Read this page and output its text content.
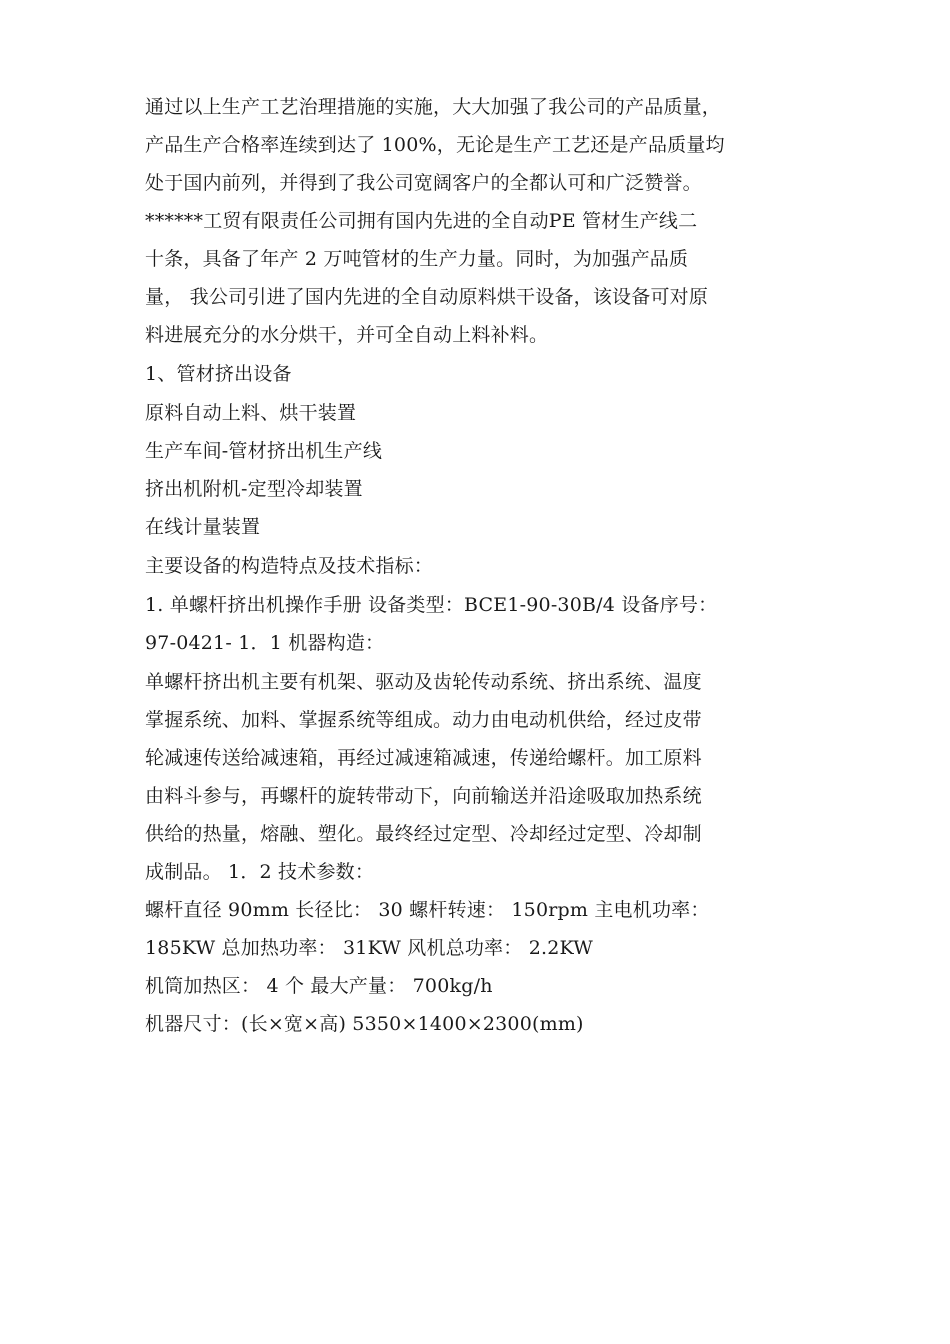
通过以上生产工艺治理措施的实施，大大加强了我公司的产品质量，
产品生产合格率连续到达了 100%，无论是生产工艺还是产品质量均
处于国内前列，并得到了我公司宽阔客户的全都认可和广泛赞誉。
******工贸有限责任公司拥有国内先进的全自动PE 管材生产线二
十条，具备了年产 2 万吨管材的生产力量。同时，为加强产品质
量， 我公司引进了国内先进的全自动原料烘干设备，该设备可对原
料进展充分的水分烘干，并可全自动上料补料。
1、管材挤出设备
原料自动上料、烘干装置
生产车间-管材挤出机生产线
挤出机附机-定型冷却装置
在线计量装置
主要设备的构造特点及技术指标：
1. 单螺杆挤出机操作手册 设备类型：BCE1-90-30B/4 设备序号：
97-0421- 1．1 机器构造：
单螺杆挤出机主要有机架、驱动及齿轮传动系统、挤出系统、温度
掌握系统、加料、掌握系统等组成。动力由电动机供给，经过皮带
轮减速传送给减速箱，再经过减速箱减速，传递给螺杆。加工原料
由料斗参与，再螺杆的旋转带动下，向前输送并沿途吸取加热系统
供给的热量，熔融、塑化。最终经过定型、冷却经过定型、冷却制
成制品。 1．2 技术参数：
螺杆直径 90mm 长径比： 30 螺杆转速： 150rpm 主电机功率：
185KW 总加热功率： 31KW 风机总功率： 2.2KW
机筒加热区： 4 个 最大产量： 700kg/h
机器尺寸：(长×宽×高) 5350×1400×2300(mm)
